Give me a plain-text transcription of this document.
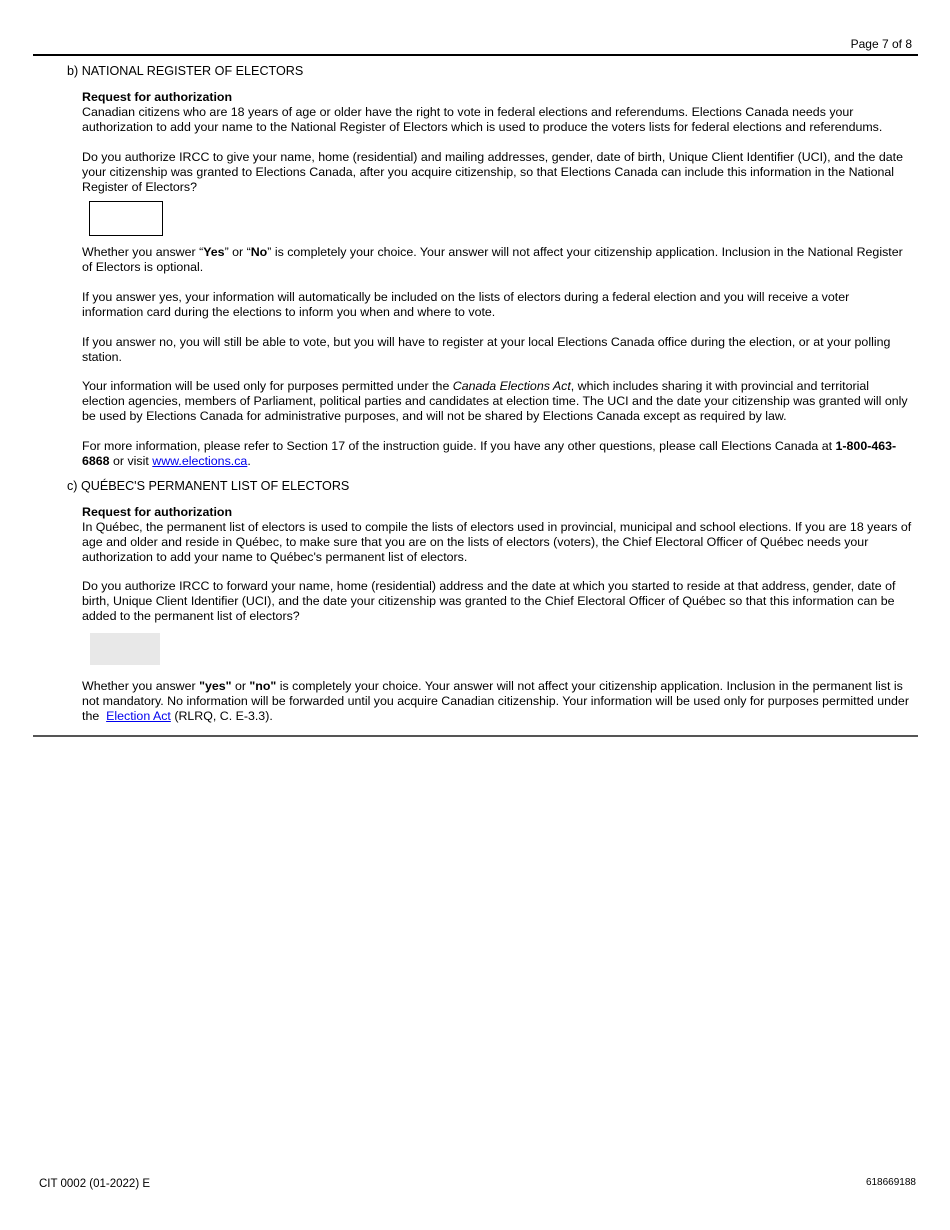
Page 7 of 8
b) NATIONAL REGISTER OF ELECTORS

Request for authorization

Canadian citizens who are 18 years of age or older have the right to vote in federal elections and referendums. Elections Canada needs your authorization to add your name to the National Register of Electors which is used to produce the voters lists for federal elections and referendums.

Do you authorize IRCC to give your name, home (residential) and mailing addresses, gender, date of birth, Unique Client Identifier (UCI), and the date your citizenship was granted to Elections Canada, after you acquire citizenship, so that Elections Canada can include this information in the National Register of Electors?

Whether you answer “Yes” or “No” is completely your choice. Your answer will not affect your citizenship application. Inclusion in the National Register of Electors is optional.

If you answer yes, your information will automatically be included on the lists of electors during a federal election and you will receive a voter information card during the elections to inform you when and where to vote.

If you answer no, you will still be able to vote, but you will have to register at your local Elections Canada office during the election, or at your polling station.

Your information will be used only for purposes permitted under the Canada Elections Act, which includes sharing it with provincial and territorial election agencies, members of Parliament, political parties and candidates at election time. The UCI and the date your citizenship was granted will only be used by Elections Canada for administrative purposes, and will not be shared by Elections Canada except as required by law.

For more information, please refer to Section 17 of the instruction guide. If you have any other questions, please call Elections Canada at 1-800-463-6868 or visit www.elections.ca.

c) QUÉBEC'S PERMANENT LIST OF ELECTORS

Request for authorization

In Québec, the permanent list of electors is used to compile the lists of electors used in provincial, municipal and school elections. If you are 18 years of age and older and reside in Québec, to make sure that you are on the lists of electors (voters), the Chief Electoral Officer of Québec needs your authorization to add your name to Québec's permanent list of electors.

Do you authorize IRCC to forward your name, home (residential) address and the date at which you started to reside at that address, gender, date of birth, Unique Client Identifier (UCI), and the date your citizenship was granted to the Chief Electoral Officer of Québec so that this information can be added to the permanent list of electors?

Whether you answer "yes" or "no" is completely your choice. Your answer will not affect your citizenship application. Inclusion in the permanent list is not mandatory. No information will be forwarded until you acquire Canadian citizenship. Your information will be used only for purposes permitted under the  Election Act (RLRQ, C. E-3.3).

CIT 0002 (01-2022) E	618669188
